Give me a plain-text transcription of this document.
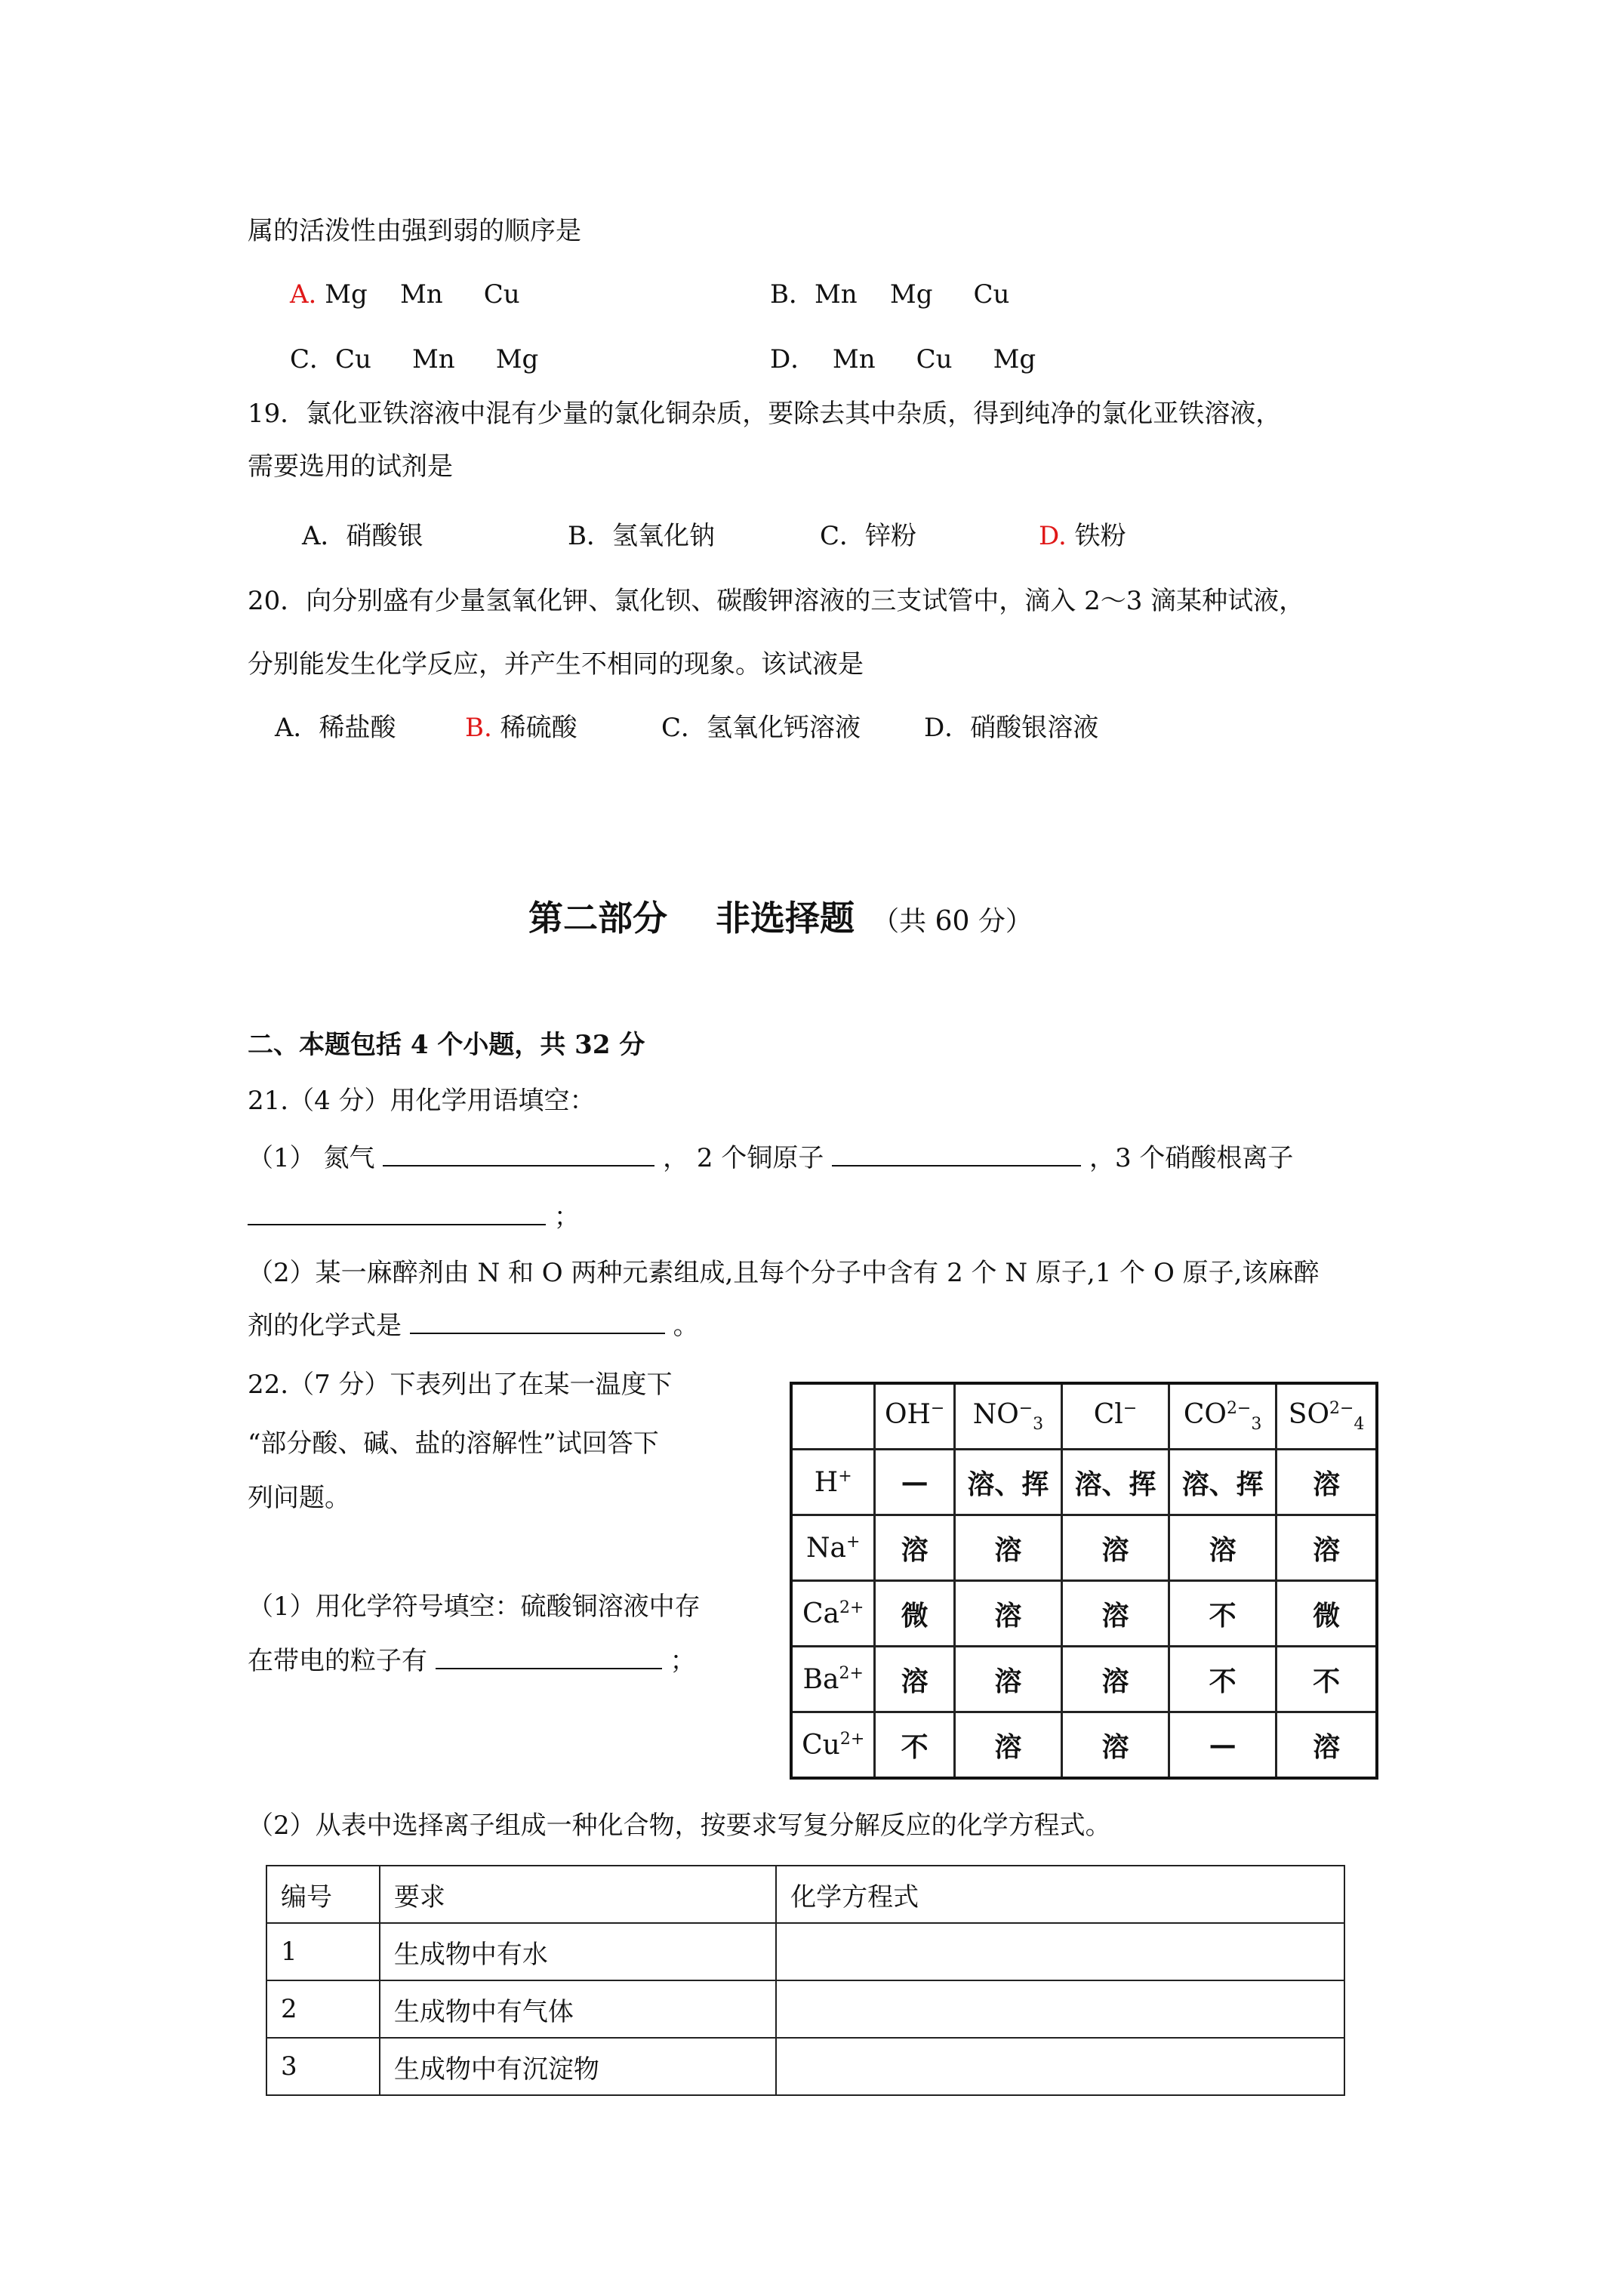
属的活泼性由强到弱的顺序是
A. Mg    Mn     Cu	B．Mn    Mg     Cu
C．Cu     Mn     Mg	D．  Mn     Cu     Mg
19．氯化亚铁溶液中混有少量的氯化铜杂质，要除去其中杂质，得到纯净的氯化亚铁溶液，
需要选用的试剂是
A．硝酸银	B．氢氧化钠	C．锌粉	D. 铁粉
20．向分别盛有少量氢氧化钾、氯化钡、碳酸钾溶液的三支试管中，滴入 2～3 滴某种试液，
分别能发生化学反应，并产生不相同的现象。该试液是
A．稀盐酸	B. 稀硫酸	C．氢氧化钙溶液 D．硝酸银溶液
第二部分    非选择题 （共 60 分）
二、本题包括 4 个小题，共 32 分
21.（4 分）用化学用语填空：
（1） 氮气	， 2 个铜原子	，3 个硝酸根离子
；
（2）某一麻醉剂由 N 和 O 两种元素组成,且每个分子中含有 2 个 N 原子,1 个 O 原子,该麻醉
剂的化学式是	。
22.（7 分）下表列出了在某一温度下
“部分酸、碱、盐的溶解性”试回答下
列问题。
（1）用化学符号填空：硫酸铜溶液中存
在带电的粒子有	；
	OH−	$NO^-_3$	Cl−	$CO^{2-}_3$	$SO^{2-}_4$
H+	—	溶、挥	溶、挥	溶、挥	溶
Na+	溶	溶	溶	溶	溶
$Ca^{2+}$	微	溶	溶	不	微
$Ba^{2+}$	溶	溶	溶	不	不
$Cu^{2+}$	不	溶	溶	—	溶
（2）从表中选择离子组成一种化合物，按要求写复分解反应的化学方程式。
编号	要求	化学方程式
1	生成物中有水	
2	生成物中有气体	
3	生成物中有沉淀物	
